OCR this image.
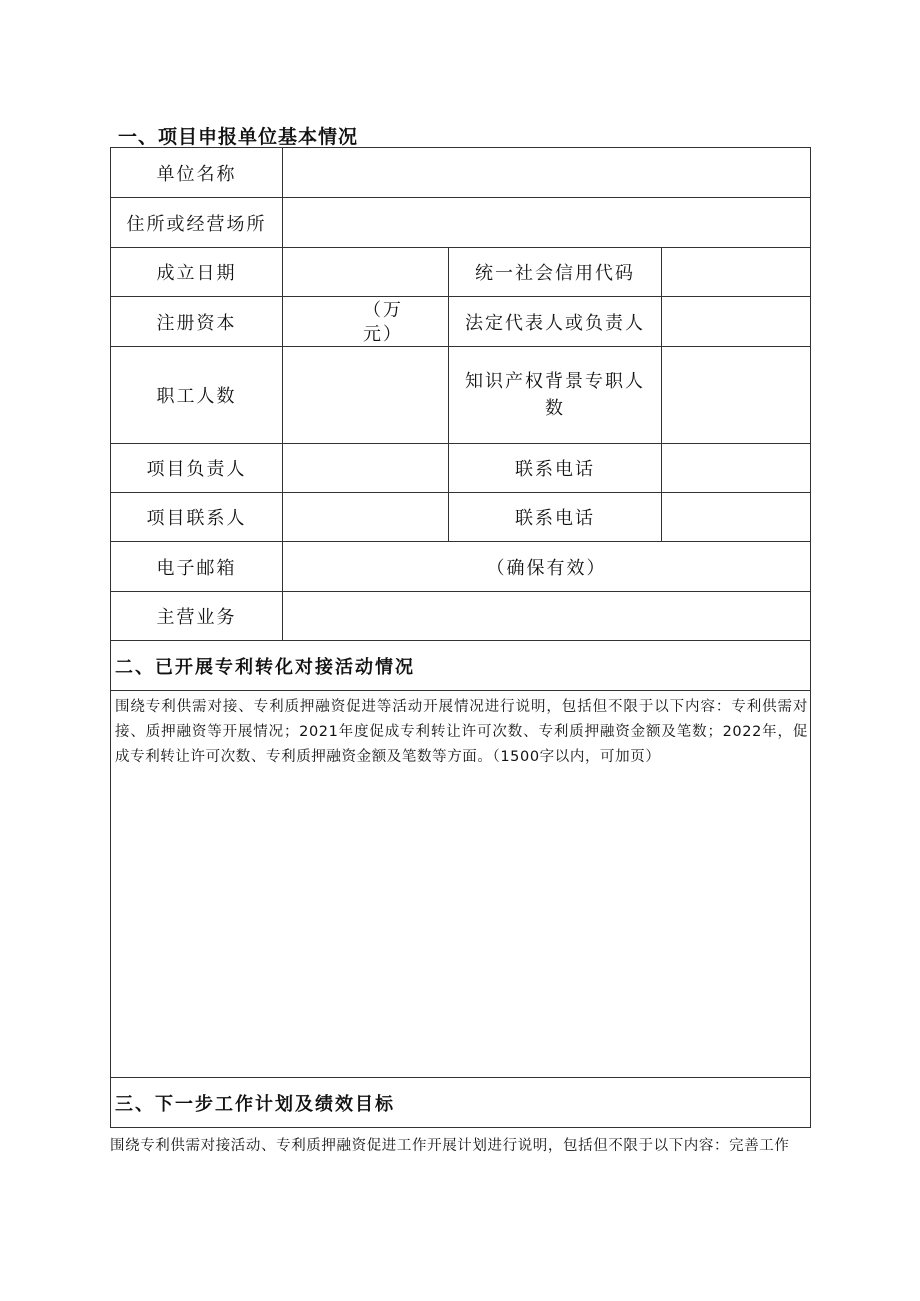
一、项目申报单位基本情况
单位名称			
住所或经营场所			
成立日期		统一社会信用代码	
注册资本	（万元）	法定代表人或负责人	
职工人数		知识产权背景专职人数	
项目负责人		联系电话	
项目联系人		联系电话	
电子邮箱	（确保有效）		
主营业务			
二、已开展专利转化对接活动情况			
围绕专利供需对接、专利质押融资促进等活动开展情况进行说明，包括但不限于以下内容：专利供需对接、质押融资等开展情况；2021年度促成专利转让许可次数、专利质押融资金额及笔数；2022年，促成专利转让许可次数、专利质押融资金额及笔数等方面。（1500字以内，可加页）			
三、下一步工作计划及绩效目标			
围绕专利供需对接活动、专利质押融资促进工作开展计划进行说明，包括但不限于以下内容：完善工作
